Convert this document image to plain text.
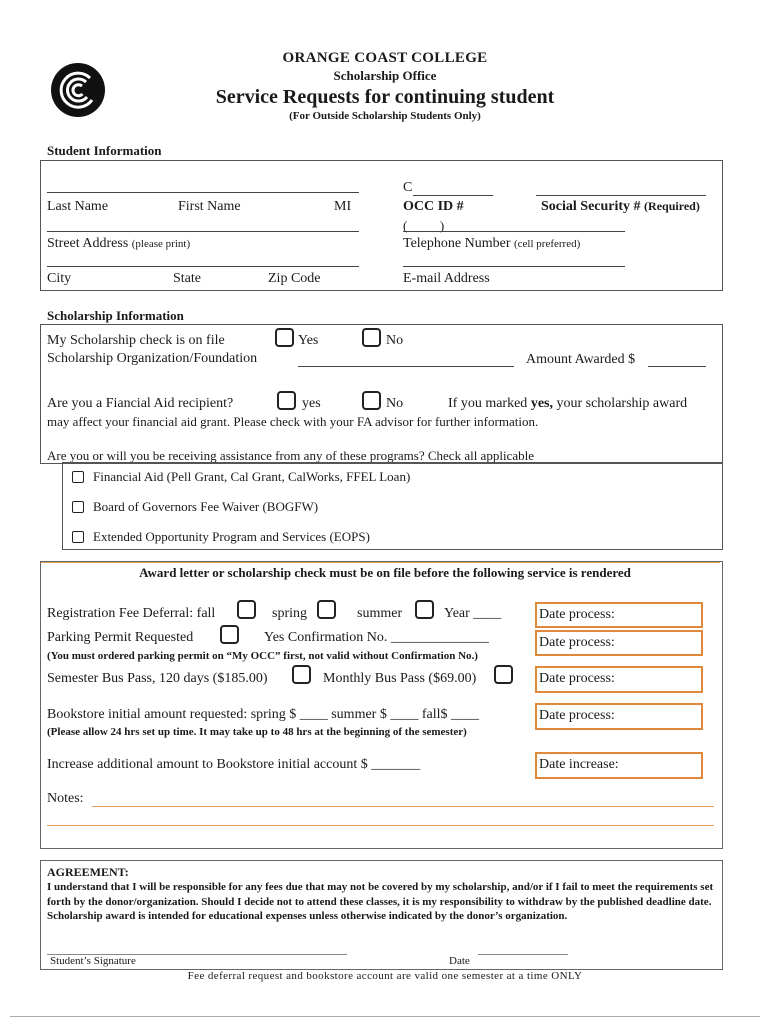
ORANGE COAST COLLEGE
Scholarship Office
Service Requests for continuing student
(For Outside Scholarship Students Only)
Student Information
Last Name	First Name	MI
C
OCC ID #	Social Security # (Required)
(          )
Street Address (please print)	Telephone Number (cell preferred)
City	State	Zip Code	E-mail Address
Scholarship Information
My Scholarship check is on file	Yes	No
Scholarship Organization/Foundation	Amount Awarded $
Are you a Fiancial Aid recipient?	yes	No	If you marked yes, your scholarship award
may affect your financial aid grant. Please check with your FA advisor for further information.
Are you or will you be receiving assistance from any of these programs? Check all applicable
Financial Aid (Pell Grant, Cal Grant, CalWorks, FFEL Loan)
Board of Governors Fee Waiver (BOGFW)
Extended Opportunity Program and Services (EOPS)
Award letter or scholarship check must be on file before the following service is rendered
Registration Fee Deferral: fall	spring	summer	Year ____	Date process:
Parking Permit Requested	Yes Confirmation No. ______________	Date process:
(You must ordered parking permit on “My OCC” first, not valid without Confirmation No.)
Semester Bus Pass, 120 days ($185.00)	Monthly Bus Pass ($69.00)	Date process:
Bookstore initial amount requested: spring $ ____ summer $ ____ fall$ ____	Date process:
(Please allow 24 hrs set up time. It may take up to 48 hrs at the beginning of the semester)
Increase additional amount to Bookstore initial account $ _______	Date increase:
Notes:
AGREEMENT:
I understand that I will be responsible for any fees due that may not be covered by my scholarship, and/or if I fail to meet the requirements set forth by the donor/organization. Should I decide not to attend these classes, it is my responsibility to withdraw by the published deadline date. Scholarship award is intended for educational expenses unless otherwise indicated by the donor’s organization.
Student’s Signature	Date
Fee deferral request and bookstore account are valid one semester at a time ONLY
